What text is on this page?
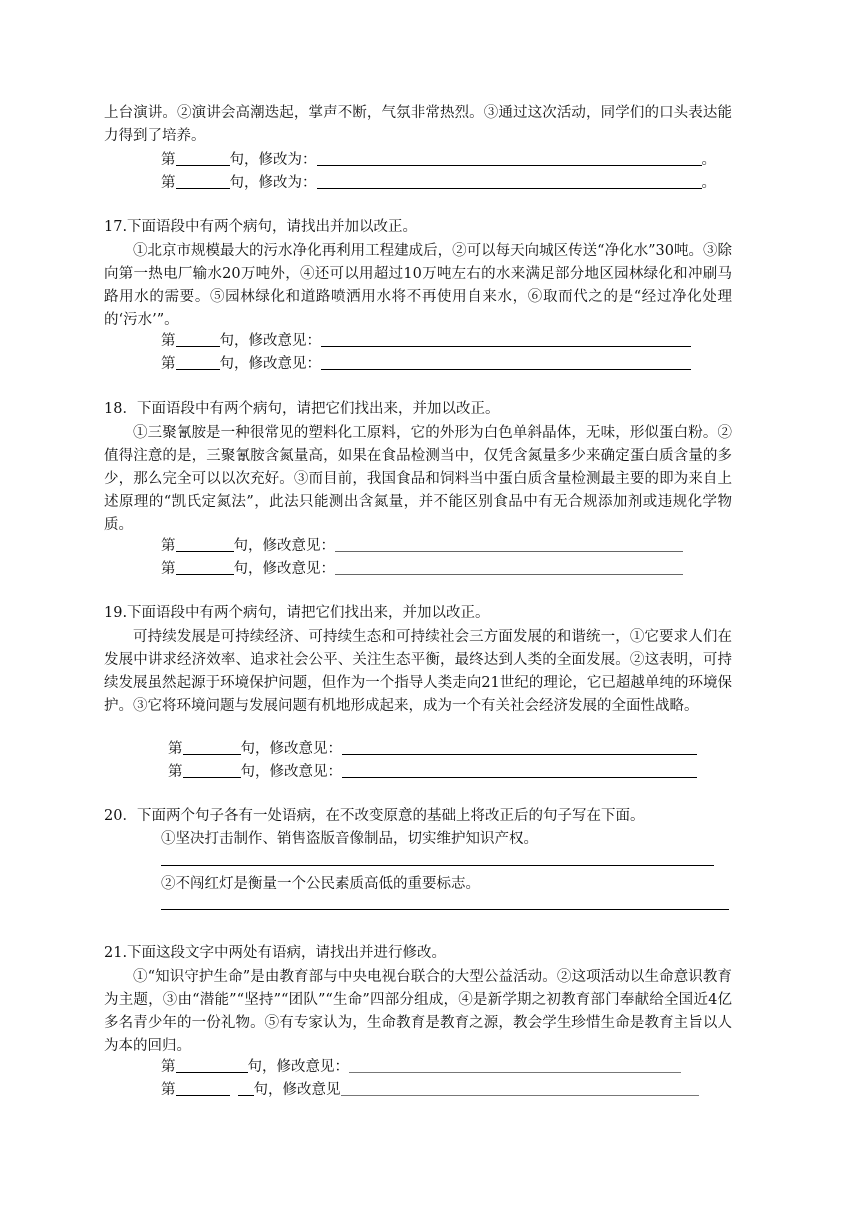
上台演讲。②演讲会高潮迭起，掌声不断，气氛非常热烈。③通过这次活动，同学们的口头表达能力得到了培养。

第	句，修改为：	。
第	句，修改为：	。
17.下面语段中有两个病句，请找出并加以改正。

①北京市规模最大的污水净化再利用工程建成后，②可以每天向城区传送“净化水”30吨。③除向第一热电厂输水20万吨外，④还可以用超过10万吨左右的水来满足部分地区园林绿化和冲刷马路用水的需要。⑤园林绿化和道路喷洒用水将不再使用自来水，⑥取而代之的是“经过净化处理的‘污水’”。

第	句，修改意见：
第	句，修改意见：
18．下面语段中有两个病句，请把它们找出来，并加以改正。

①三聚氰胺是一种很常见的塑料化工原料，它的外形为白色单斜晶体，无味，形似蛋白粉。②值得注意的是，三聚氰胺含氮量高，如果在食品检测当中，仅凭含氮量多少来确定蛋白质含量的多少，那么完全可以以次充好。③而目前，我国食品和饲料当中蛋白质含量检测最主要的即为来自上述原理的“凯氏定氮法”，此法只能测出含氮量，并不能区别食品中有无合规添加剂或违规化学物质。

第	句，修改意见：
第	句，修改意见：
19.下面语段中有两个病句，请把它们找出来，并加以改正。

可持续发展是可持续经济、可持续生态和可持续社会三方面发展的和谐统一，①它要求人们在发展中讲求经济效率、追求社会公平、关注生态平衡，最终达到人类的全面发展。②这表明，可持续发展虽然起源于环境保护问题，但作为一个指导人类走向21世纪的理论，它已超越单纯的环境保护。③它将环境问题与发展问题有机地形成起来，成为一个有关社会经济发展的全面性战略。

第	句，修改意见：
第	句，修改意见：
20．下面两个句子各有一处语病，在不改变原意的基础上将改正后的句子写在下面。
①坚决打击制作、销售盗版音像制品，切实维护知识产权。
②不闯红灯是衡量一个公民素质高低的重要标志。
21.下面这段文字中两处有语病，请找出并进行修改。

①“知识守护生命”是由教育部与中央电视台联合的大型公益活动。②这项活动以生命意识教育为主题，③由“潜能”“坚持”“团队”“生命”四部分组成，④是新学期之初教育部门奉献给全国近4亿多名青少年的一份礼物。⑤有专家认为，生命教育是教育之源，教会学生珍惜生命是教育主旨以人为本的回归。

第	句，修改意见：
第	句，修改意见
